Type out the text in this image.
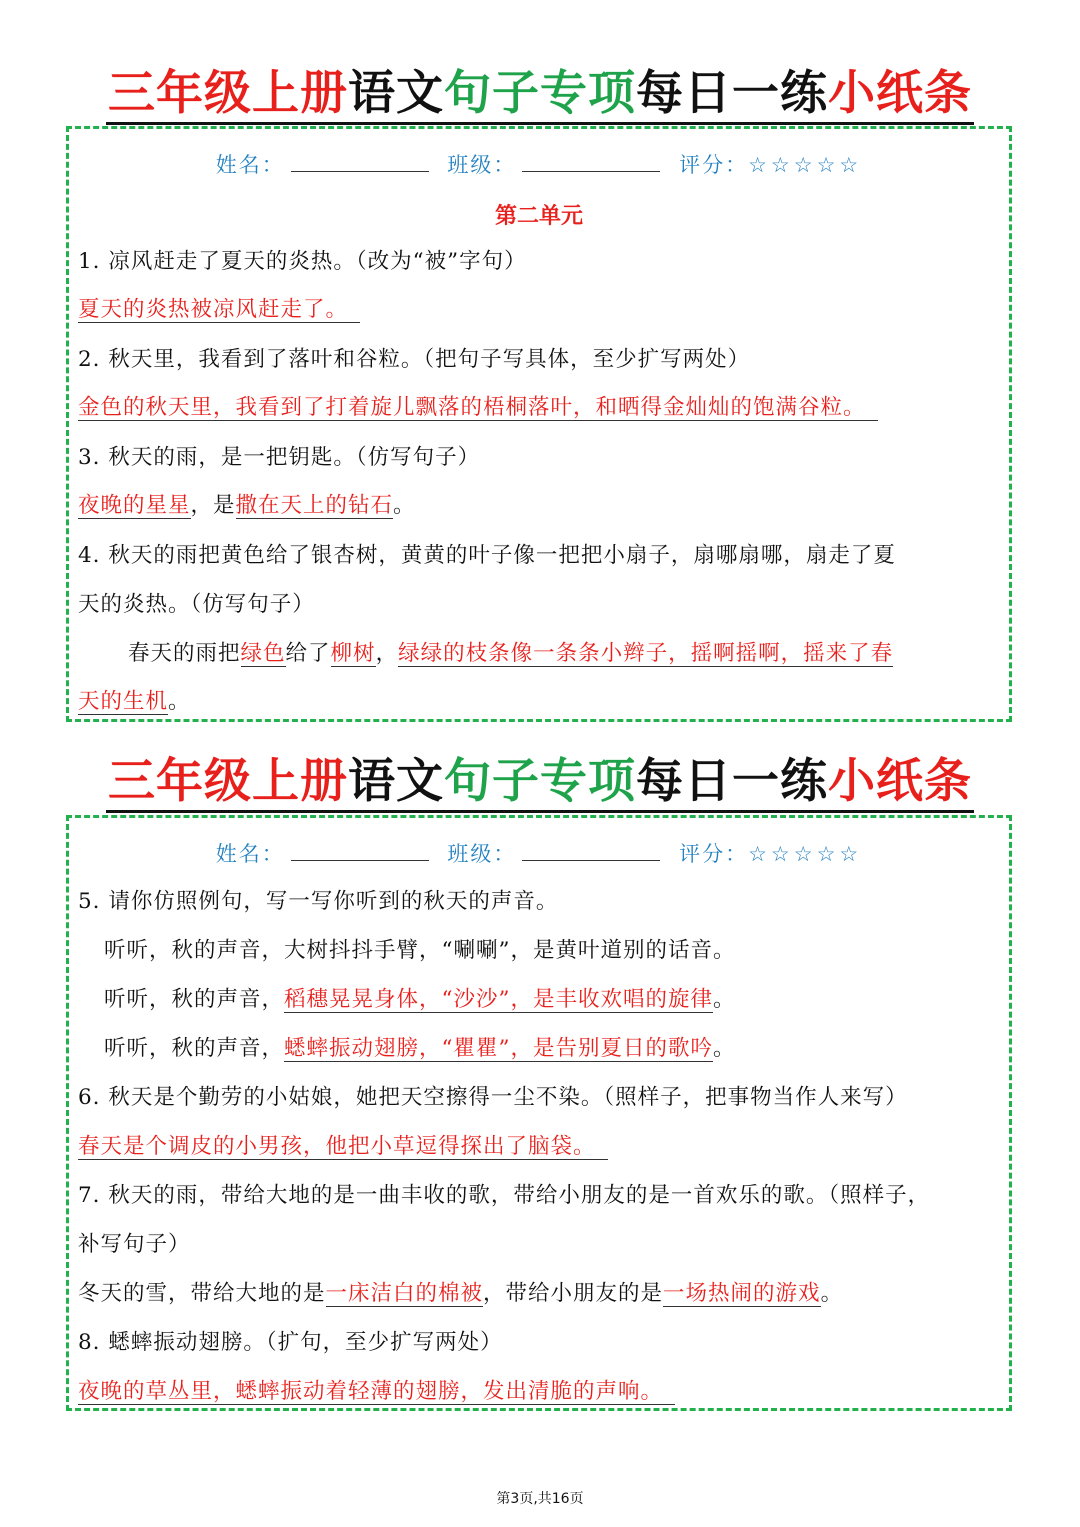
三年级上册语文句子专项每日一练小纸条
姓名：	班级：	评分：☆☆☆☆☆
第二单元
1. 凉风赶走了夏天的炎热。（改为“被”字句）
夏天的炎热被凉风赶走了。
2. 秋天里，我看到了落叶和谷粒。（把句子写具体，至少扩写两处）
金色的秋天里，我看到了打着旋儿飘落的梧桐落叶，和晒得金灿灿的饱满谷粒。
3. 秋天的雨，是一把钥匙。（仿写句子）
夜晚的星星，是撒在天上的钻石。
4. 秋天的雨把黄色给了银杏树，黄黄的叶子像一把把小扇子，扇哪扇哪，扇走了夏
天的炎热。（仿写句子）
春天的雨把绿色给了柳树，绿绿的枝条像一条条小辫子，摇啊摇啊，摇来了春
天的生机。
三年级上册语文句子专项每日一练小纸条
姓名：	班级：	评分：☆☆☆☆☆
5. 请你仿照例句，写一写你听到的秋天的声音。
听听，秋的声音，大树抖抖手臂，“唰唰”，是黄叶道别的话音。
听听，秋的声音，稻穗晃晃身体，“沙沙”，是丰收欢唱的旋律。
听听，秋的声音，蟋蟀振动翅膀，“瞿瞿”，是告别夏日的歌吟。
6. 秋天是个勤劳的小姑娘，她把天空擦得一尘不染。（照样子，把事物当作人来写）
春天是个调皮的小男孩，他把小草逗得探出了脑袋。
7. 秋天的雨，带给大地的是一曲丰收的歌，带给小朋友的是一首欢乐的歌。（照样子，
补写句子）
冬天的雪，带给大地的是一床洁白的棉被，带给小朋友的是一场热闹的游戏。
8. 蟋蟀振动翅膀。（扩句，至少扩写两处）
夜晚的草丛里，蟋蟀振动着轻薄的翅膀，发出清脆的声响。
第3页,共16页
